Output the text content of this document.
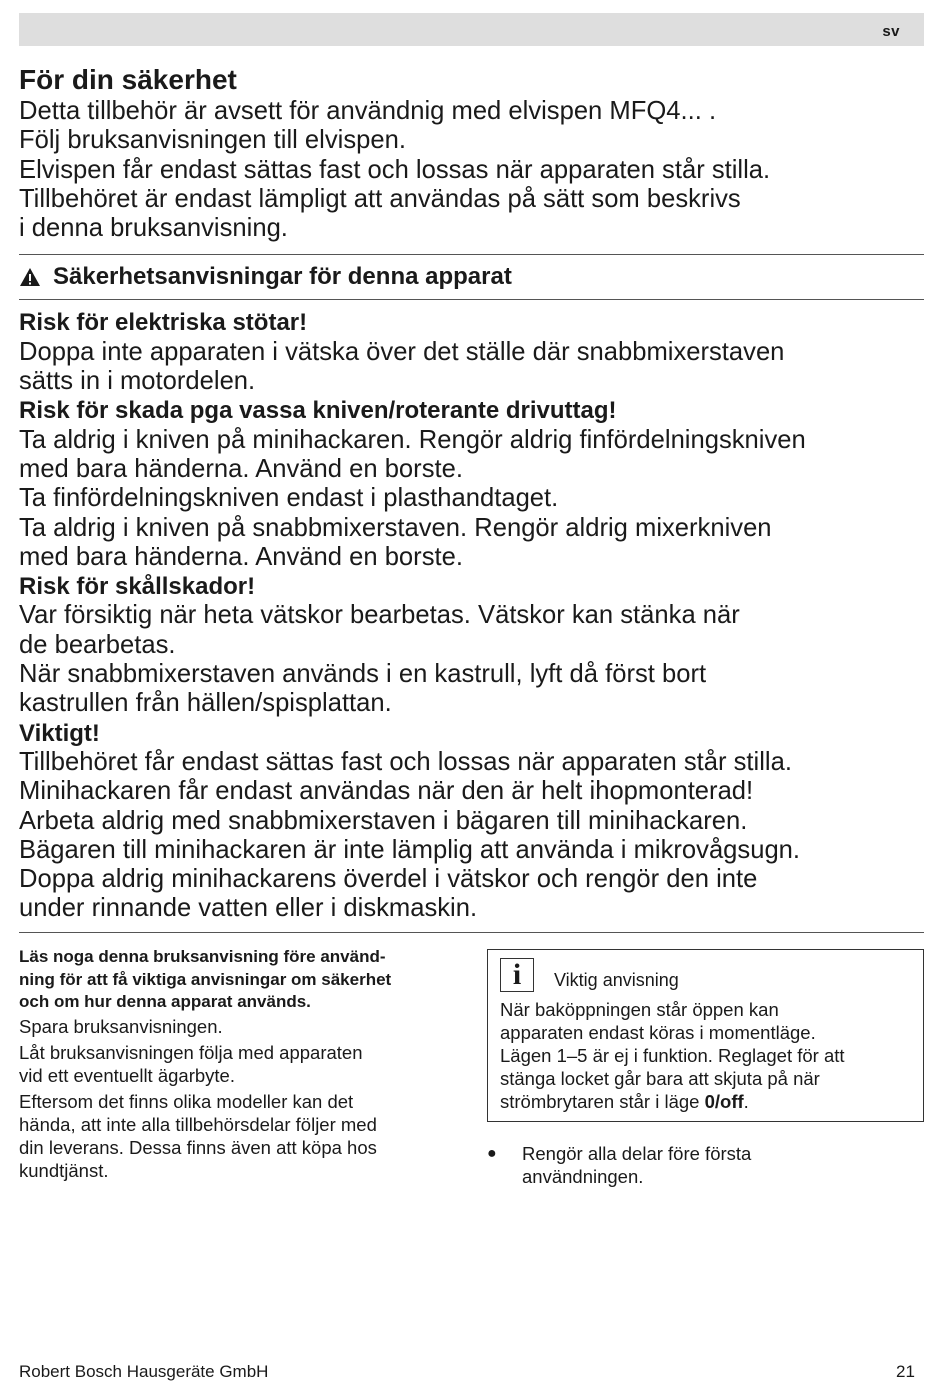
sv
För din säkerhet

Detta tillbehör är avsett för användnig med elvispen MFQ4... .

Följ bruksanvisningen till elvispen.

Elvispen får endast sättas fast och lossas när apparaten står stilla.

Tillbehöret är endast lämpligt att användas på sätt som beskrivs

i denna bruksanvisning.

Säkerhetsanvisningar för denna apparat

Risk för elektriska stötar!

Doppa inte apparaten i vätska över det ställe där snabbmixerstaven

sätts in i motordelen.

Risk för skada pga vassa kniven/roterante drivuttag!

Ta aldrig i kniven på minihackaren. Rengör aldrig finfördelningskniven

med bara händerna. Använd en borste.

Ta finfördelningskniven endast i plasthandtaget.

Ta aldrig i kniven på snabbmixerstaven. Rengör aldrig mixerkniven

med bara händerna. Använd en borste.

Risk för skållskador!

Var försiktig när heta vätskor bearbetas. Vätskor kan stänka när

de bearbetas.

När snabbmixerstaven används i en kastrull, lyft då först bort

kastrullen från hällen/spisplattan.

Viktigt!

Tillbehöret får endast sättas fast och lossas när apparaten står stilla.

Minihackaren får endast användas när den är helt ihopmonterad!

Arbeta aldrig med snabbmixerstaven i bägaren till minihackaren.

Bägaren till minihackaren är inte lämplig att använda i mikrovågsugn.

Doppa aldrig minihackarens överdel i vätskor och rengör den inte

under rinnande vatten eller i diskmaskin.

Läs noga denna bruksanvisning före använd-

ning för att få viktiga anvisningar om säkerhet

och om hur denna apparat används.

Spara bruksanvisningen.

Låt bruksanvisningen följa med apparaten

vid ett eventuellt ägarbyte.

Eftersom det finns olika modeller kan det

hända, att inte alla tillbehörsdelar följer med

din leverans. Dessa finns även att köpa hos

kundtjänst.

i	Viktig anvisning

När baköppningen står öppen kan

apparaten endast köras i momentläge.

Lägen 1–5 är ej i funktion. Reglaget för att

stänga locket går bara att skjuta på när

strömbrytaren står i läge 0/off.

●	Rengör alla delar före första

användningen.

Robert Bosch Hausgeräte GmbH	21
